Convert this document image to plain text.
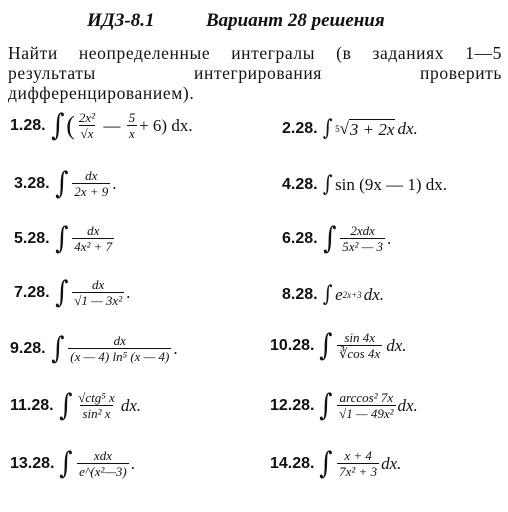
ИДЗ-8.1	Вариант 28 решения
Найти неопределенные интегралы (в заданиях 1—5 результаты интегрирования проверить дифференцированием).
1.28. ∫ ( $\frac{\text{2x²}}{√x}$ — $\frac{5}{x} + 6$) dx.	2.28. ∫ 5 √ 3 + 2x dx.
3.28. ∫ $\frac{dx}{2x + 9}$ .	4.28. ∫ sin (9x — 1) dx.
5.28. ∫ $\frac{dx}{\text{4x² + 7}}$	6.28. ∫ $\frac{\text{2xdx}}{\text{5x² — 3}}$ .
7.28. ∫ $\frac{dx}{\text{√1 — 3x²}}$ .	8.28. ∫ e 2x+3 dx.
9.28. ∫ $\frac{dx}{\text{(x — 4) ln⁵ (x — 4)}}$ .	10.28. ∫ $\frac{\sin 4x}{∛\cos 4x}$ dx.
11.28. ∫ $\frac{\text{√ctg⁵ x}}{\text{sin² x}}$ dx.	12.28. ∫ $\frac{\text{arccos² 7x}}{\text{√1 — 49x²}}$ dx.
13.28. ∫ $\frac{\text{xdx}}{\text{e\textasciicircum{}(x²—3)}}$ .	14.28. ∫ $\frac{x + 4}{\text{7x² + 3}}$ dx.
